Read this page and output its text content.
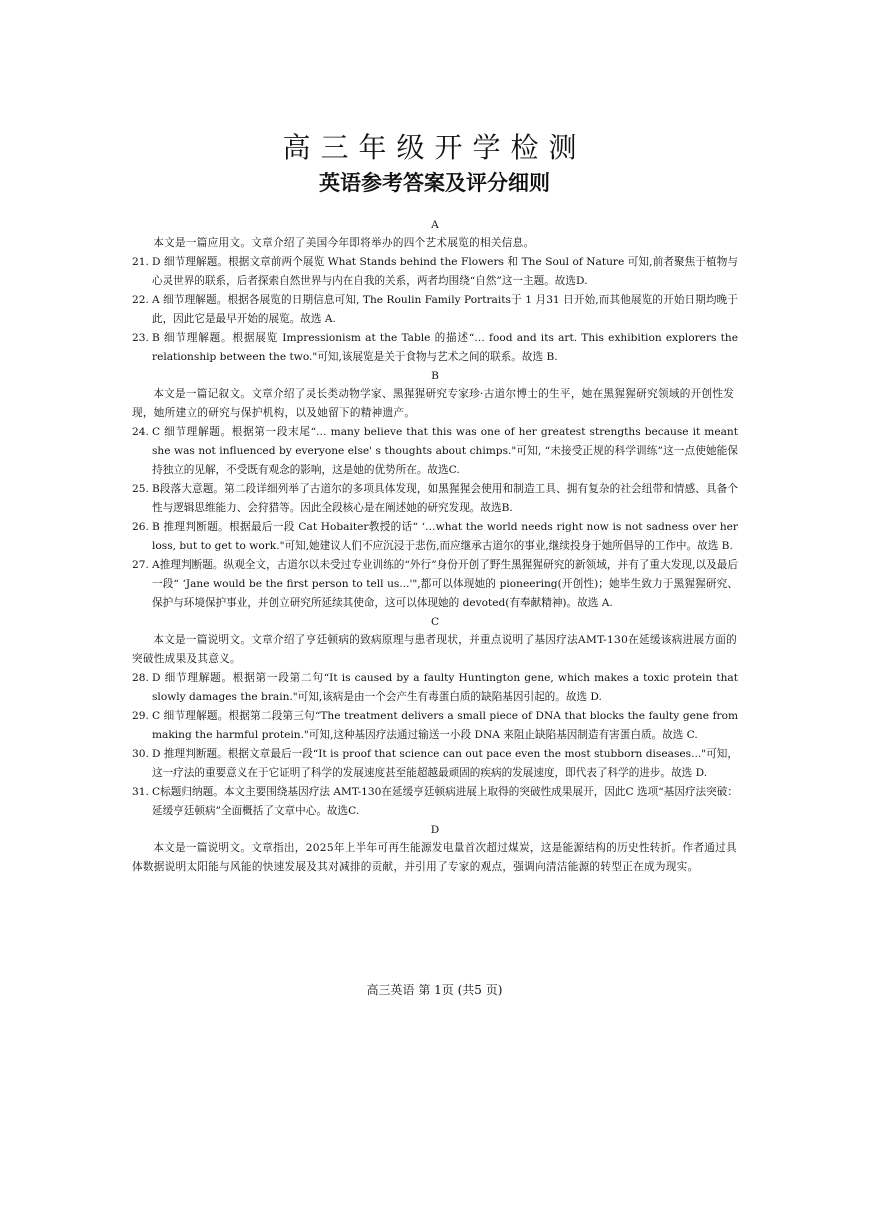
高三年级开学检测
英语参考答案及评分细则
A
本文是一篇应用文。文章介绍了美国今年即将举办的四个艺术展览的相关信息。
21. D 细节理解题。根据文章前两个展览 What Stands behind the Flowers 和 The Soul of Nature 可知,前者聚焦于植物与心灵世界的联系，后者探索自然世界与内在自我的关系，两者均围绕“自然”这一主题。故选D.
22. A 细节理解题。根据各展览的日期信息可知, The Roulin Family Portraits于 1 月31 日开始,而其他展览的开始日期均晚于此，因此它是最早开始的展览。故选 A.
23. B 细节理解题。根据展览 Impressionism at the Table 的描述“… food and its art. This exhibition explorers the relationship between the two."可知,该展览是关于食物与艺术之间的联系。故选 B.
B
本文是一篇记叙文。文章介绍了灵长类动物学家、黑猩猩研究专家珍·古道尔博士的生平，她在黑猩猩研究领域的开创性发现，她所建立的研究与保护机构，以及她留下的精神遗产。
24. C 细节理解题。根据第一段末尾“… many believe that this was one of her greatest strengths because it meant she was not influenced by everyone else' s thoughts about chimps."可知, “未接受正规的科学训练”这一点使她能保持独立的见解，不受既有观念的影响，这是她的优势所在。故选C.
25. B段落大意题。第二段详细列举了古道尔的多项具体发现，如黑猩猩会使用和制造工具、拥有复杂的社会纽带和情感、具备个性与逻辑思维能力、会狩猎等。因此全段核心是在阐述她的研究发现。故选B.
26. B 推理判断题。根据最后一段 Cat Hobaiter教授的话“ ‘…what the world needs right now is not sadness over her loss, but to get to work."可知,她建议人们不应沉浸于悲伤,而应继承古道尔的事业,继续投身于她所倡导的工作中。故选 B.
27. A推理判断题。纵观全文，古道尔以未受过专业训练的“外行”身份开创了野生黑猩猩研究的新领域，并有了重大发现,以及最后一段“ ‘Jane would be the first person to tell us...'",都可以体现她的 pioneering(开创性)；她毕生致力于黑猩猩研究、保护与环境保护事业，并创立研究所延续其使命，这可以体现她的 devoted(有奉献精神)。故选 A.
C
本文是一篇说明文。文章介绍了亨廷顿病的致病原理与患者现状，并重点说明了基因疗法AMT-130在延缓该病进展方面的突破性成果及其意义。
28. D 细节理解题。根据第一段第二句“It is caused by a faulty Huntington gene, which makes a toxic protein that slowly damages the brain."可知,该病是由一个会产生有毒蛋白质的缺陷基因引起的。故选 D.
29. C 细节理解题。根据第二段第三句“The treatment delivers a small piece of DNA that blocks the faulty gene from making the harmful protein."可知,这种基因疗法通过输送一小段 DNA 来阻止缺陷基因制造有害蛋白质。故选 C.
30. D 推理判断题。根据文章最后一段“It is proof that science can out pace even the most stubborn diseases..."可知，这一疗法的重要意义在于它证明了科学的发展速度甚至能超越最顽固的疾病的发展速度，即代表了科学的进步。故选 D.
31. C标题归纳题。本文主要围绕基因疗法 AMT-130在延缓亨廷顿病进展上取得的突破性成果展开，因此C 选项“基因疗法突破：延缓亨廷顿病”全面概括了文章中心。故选C.
D
本文是一篇说明文。文章指出，2025年上半年可再生能源发电量首次超过煤炭，这是能源结构的历史性转折。作者通过具体数据说明太阳能与风能的快速发展及其对减排的贡献，并引用了专家的观点，强调向清洁能源的转型正在成为现实。
高三英语 第 1页 (共5 页)
